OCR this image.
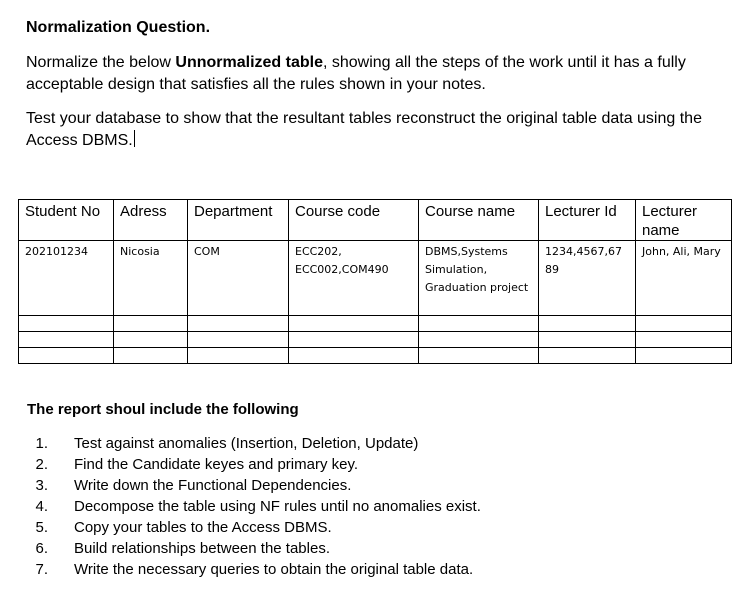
Normalization Question.
Normalize the below Unnormalized table, showing all the steps of the work until it has a fully acceptable design that satisfies all the rules shown in your notes.
Test your database to show that the resultant tables reconstruct the original table data using the Access DBMS.
Student No	Adress	Department	Course code	Course name	Lecturer Id	Lecturer name
202101234	Nicosia	COM	ECC202, ECC002,COM490	DBMS,Systems Simulation, Graduation project	1234,4567,67 89	John, Ali, Mary

The report shoul include the following
1. Test against anomalies (Insertion, Deletion, Update)
2. Find the Candidate keyes and primary key.
3. Write down the Functional Dependencies.
4. Decompose the table using NF rules until no anomalies exist.
5. Copy your tables to the Access DBMS.
6. Build relationships between the tables.
7. Write the necessary queries to obtain the original table data.
